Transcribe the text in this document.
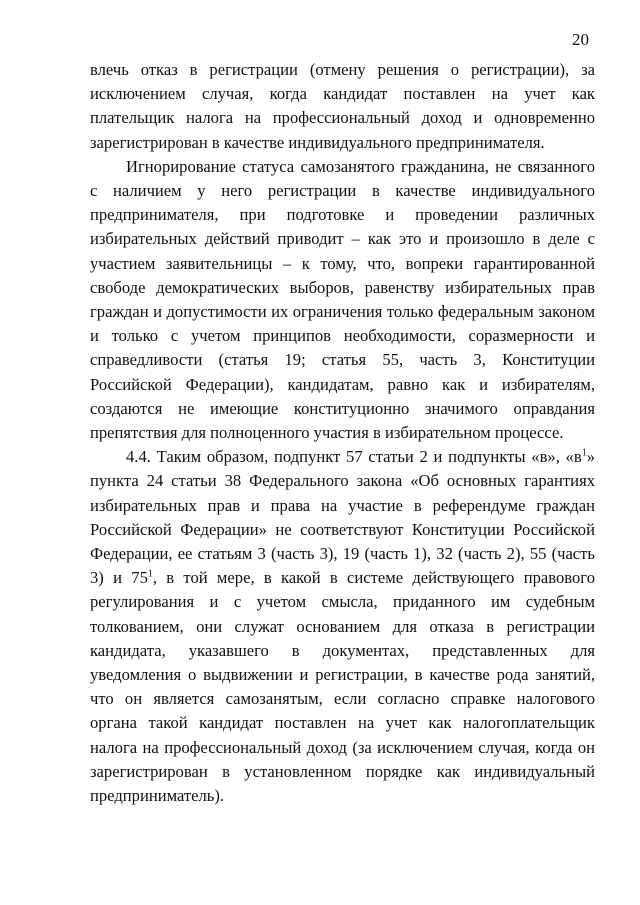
20

влечь отказ в регистрации (отмену решения о регистрации), за исключением случая, когда кандидат поставлен на учет как плательщик налога на профессиональный доход и одновременно зарегистрирован в качестве индивидуального предпринимателя.

Игнорирование статуса самозанятого гражданина, не связанного с наличием у него регистрации в качестве индивидуального предпринимателя, при подготовке и проведении различных избирательных действий приводит – как это и произошло в деле с участием заявительницы – к тому, что, вопреки гарантированной свободе демократических выборов, равенству избирательных прав граждан и допустимости их ограничения только федеральным законом и только с учетом принципов необходимости, соразмерности и справедливости (статья 19; статья 55, часть 3, Конституции Российской Федерации), кандидатам, равно как и избирателям, создаются не имеющие конституционно значимого оправдания препятствия для полноценного участия в избирательном процессе.

4.4. Таким образом, подпункт 57 статьи 2 и подпункты «в», «$в^1$» пункта 24 статьи 38 Федерального закона «Об основных гарантиях избирательных прав и права на участие в референдуме граждан Российской Федерации» не соответствуют Конституции Российской Федерации, ее статьям 3 (часть 3), 19 (часть 1), 32 (часть 2), 55 (часть 3) и $75^1$, в той мере, в какой в системе действующего правового регулирования и с учетом смысла, приданного им судебным толкованием, они служат основанием для отказа в регистрации кандидата, указавшего в документах, представленных для уведомления о выдвижении и регистрации, в качестве рода занятий, что он является самозанятым, если согласно справке налогового органа такой кандидат поставлен на учет как налогоплательщик налога на профессиональный доход (за исключением случая, когда он зарегистрирован в установленном порядке как индивидуальный предприниматель).
